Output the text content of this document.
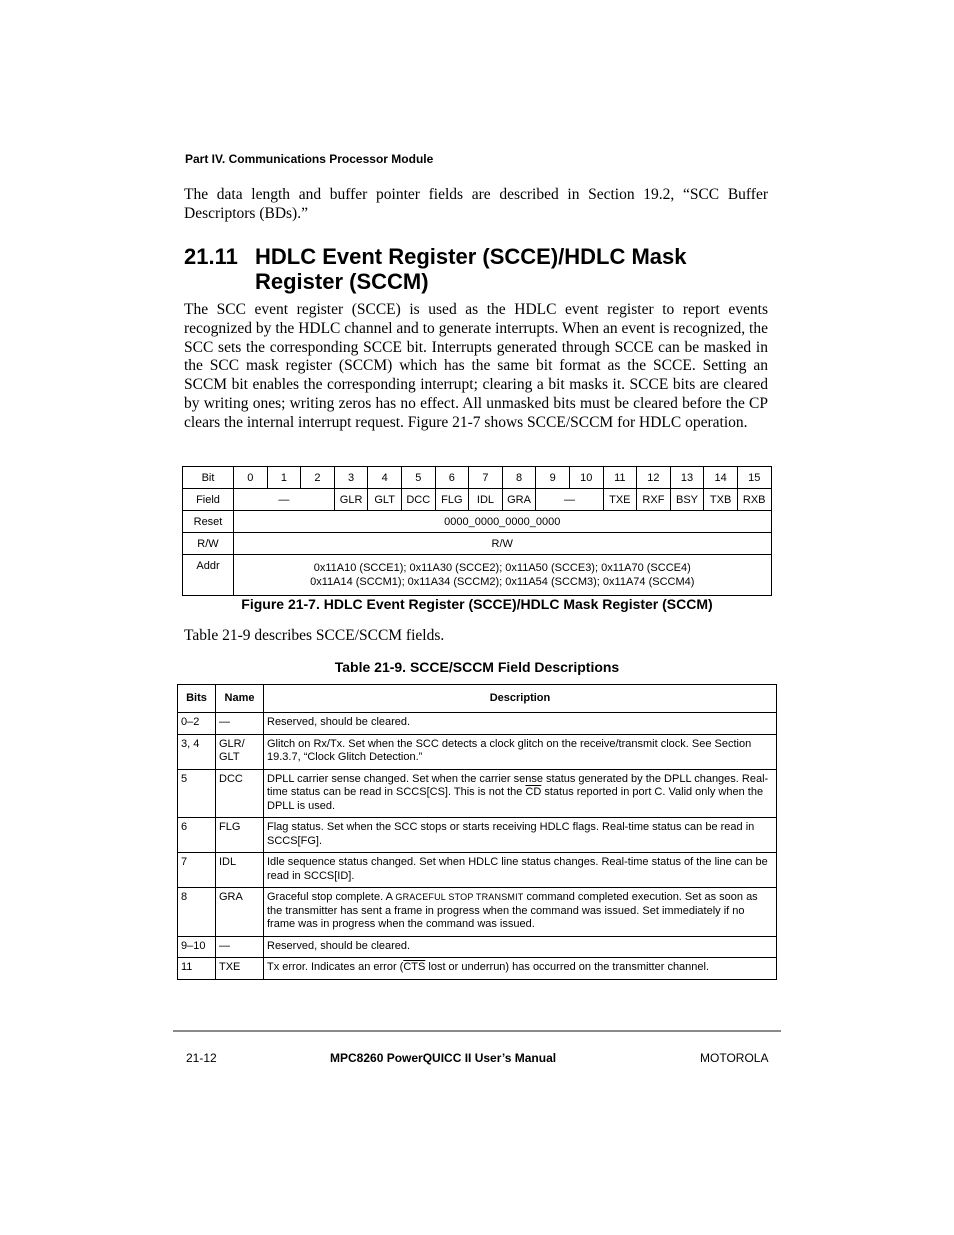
Part IV. Communications Processor Module

The data length and buffer pointer fields are described in Section 19.2, “SCC Buffer Descriptors (BDs).”

21.11 HDLC Event Register (SCCE)/HDLC Mask
Register (SCCM)

The SCC event register (SCCE) is used as the HDLC event register to report events recognized by the HDLC channel and to generate interrupts. When an event is recognized, the SCC sets the corresponding SCCE bit. Interrupts generated through SCCE can be masked in the SCC mask register (SCCM) which has the same bit format as the SCCE. Setting an SCCM bit enables the corresponding interrupt; clearing a bit masks it. SCCE bits are cleared by writing ones; writing zeros has no effect. All unmasked bits must be cleared before the CP clears the internal interrupt request. Figure 21-7 shows SCCE/SCCM for HDLC operation.

Bit	0	1	2	3	4	5	6	7	8	9	10	11	12	13	14	15
Field	—			GLR	GLT	DCC	FLG	IDL	GRA	—		TXE	RXF	BSY	TXB	RXB
Reset	0000_0000_0000_0000															
R/W	R/W															
Addr	0x11A10 (SCCE1); 0x11A30 (SCCE2); 0x11A50 (SCCE3); 0x11A70 (SCCE4)
0x11A14 (SCCM1); 0x11A34 (SCCM2); 0x11A54 (SCCM3); 0x11A74 (SCCM4)															
Figure 21-7. HDLC Event Register (SCCE)/HDLC Mask Register (SCCM)

Table 21-9 describes SCCE/SCCM fields.

Table 21-9. SCCE/SCCM Field Descriptions
Bits	Name	Description
0–2	—	Reserved, should be cleared.
3, 4	GLR/
GLT	Glitch on Rx/Tx. Set when the SCC detects a clock glitch on the receive/transmit clock. See Section 19.3.7, “Clock Glitch Detection.”
5	DCC	DPLL carrier sense changed. Set when the carrier sense status generated by the DPLL changes. Real-time status can be read in SCCS[CS]. This is not the $\overline{CD}$ status reported in port C. Valid only when the DPLL is used.
6	FLG	Flag status. Set when the SCC stops or starts receiving HDLC flags. Real-time status can be read in SCCS[FG].
7	IDL	Idle sequence status changed. Set when HDLC line status changes. Real-time status of the line can be read in SCCS[ID].
8	GRA	Graceful stop complete. A GRACEFUL STOP TRANSMIT command completed execution. Set as soon as the transmitter has sent a frame in progress when the command was issued. Set immediately if no frame was in progress when the command was issued.
9–10	—	Reserved, should be cleared.
11	TXE	Tx error. Indicates an error ($\overline{CTS}$ lost or underrun) has occurred on the transmitter channel.
21-12	MPC8260 PowerQUICC II User’s Manual	MOTOROLA
